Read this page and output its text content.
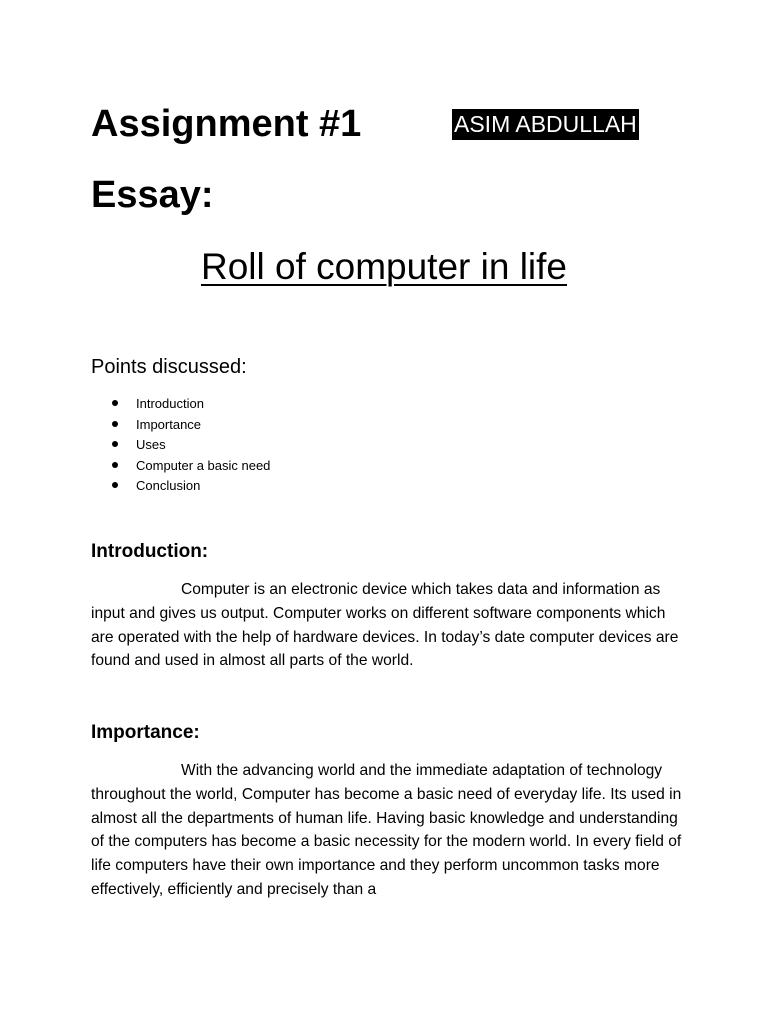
Assignment #1	ASIM ABDULLAH
Essay:
Roll of computer in life
Points discussed:
Introduction
Importance
Uses
Computer a basic need
Conclusion
Introduction:

Computer is an electronic device which takes data and information as input and gives us output. Computer works on different software components which are operated with the help of hardware devices. In today’s date computer devices are found and used in almost all parts of the world.

Importance:

With the advancing world and the immediate adaptation of technology throughout the world, Computer has become a basic need of everyday life. Its used in almost all the departments of human life. Having basic knowledge and understanding of the computers has become a basic necessity for the modern world. In every field of life computers have their own importance and they perform uncommon tasks more effectively, efficiently and precisely than a
